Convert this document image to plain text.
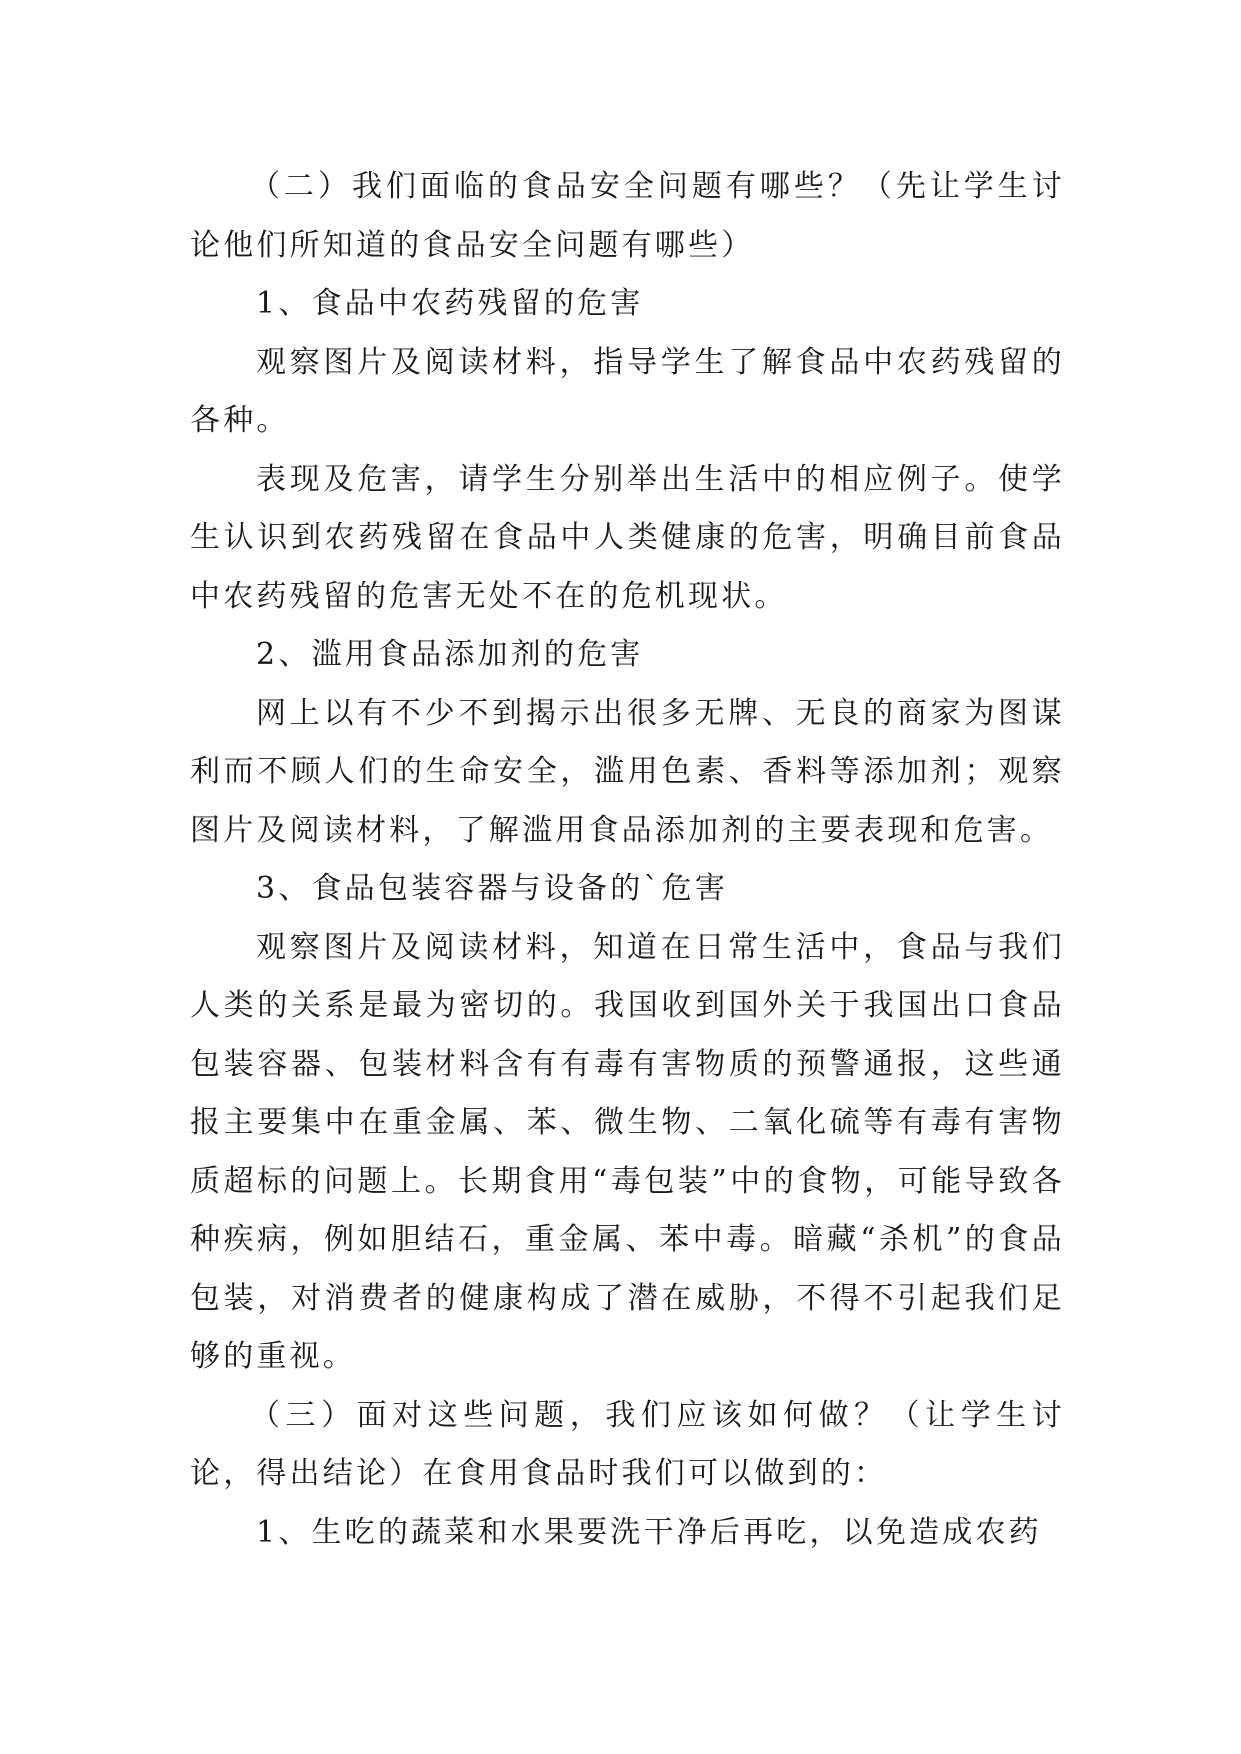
（二）我们面临的食品安全问题有哪些？（先让学生讨论他们所知道的食品安全问题有哪些）

1、食品中农药残留的危害

观察图片及阅读材料，指导学生了解食品中农药残留的各种。

表现及危害，请学生分别举出生活中的相应例子。使学生认识到农药残留在食品中人类健康的危害，明确目前食品中农药残留的危害无处不在的危机现状。

2、滥用食品添加剂的危害

网上以有不少不到揭示出很多无牌、无良的商家为图谋利而不顾人们的生命安全，滥用色素、香料等添加剂；观察图片及阅读材料，了解滥用食品添加剂的主要表现和危害。

3、食品包装容器与设备的`危害

观察图片及阅读材料，知道在日常生活中，食品与我们人类的关系是最为密切的。我国收到国外关于我国出口食品包装容器、包装材料含有有毒有害物质的预警通报，这些通报主要集中在重金属、苯、微生物、二氧化硫等有毒有害物质超标的问题上。长期食用“毒包装”中的食物，可能导致各种疾病，例如胆结石，重金属、苯中毒。暗藏“杀机”的食品包装，对消费者的健康构成了潜在威胁，不得不引起我们足够的重视。

（三）面对这些问题，我们应该如何做？（让学生讨论，得出结论）在食用食品时我们可以做到的：

1、生吃的蔬菜和水果要洗干净后再吃，以免造成农药
